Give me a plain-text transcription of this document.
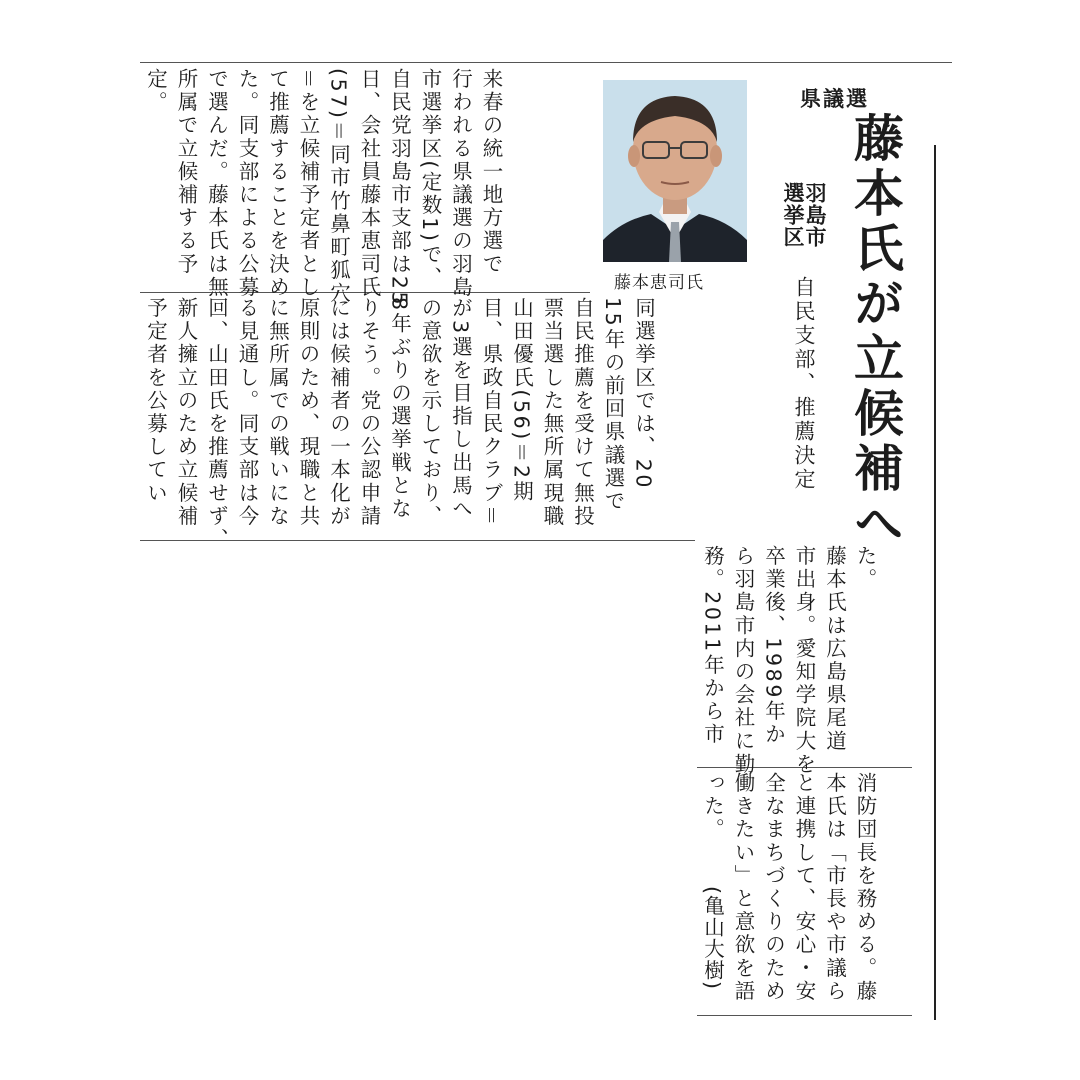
県議選
藤本氏が立候補へ
羽島市
選挙区
自民支部、推薦決定
藤本恵司氏
来春の統一地方選で
行われる県議選の羽島
市選挙区(定数1)で、
自民党羽島市支部は25
日、会社員藤本恵司氏
(57)＝同市竹鼻町狐穴
＝を立候補予定者とし
て推薦することを決め
た。同支部による公募
で選んだ。藤本氏は無
所属で立候補する予
定。
同選挙区では、20
15年の前回県議選で
自民推薦を受けて無投
票当選した無所属現職
山田優氏(56)＝2期
目、県政自民クラブ＝
が3選を目指し出馬へ
の意欲を示しており、
8年ぶりの選挙戦とな
りそう。党の公認申請
には候補者の一本化が
原則のため、現職と共
に無所属での戦いにな
る見通し。同支部は今
回、山田氏を推薦せず、
新人擁立のため立候補
予定者を公募してい
た。
藤本氏は広島県尾道
市出身。愛知学院大を
卒業後、1989年か
ら羽島市内の会社に勤
務。2011年から市
消防団長を務める。藤
本氏は「市長や市議ら
と連携して、安心・安
全なまちづくりのため
働きたい」と意欲を語
った。
(亀山大樹)
